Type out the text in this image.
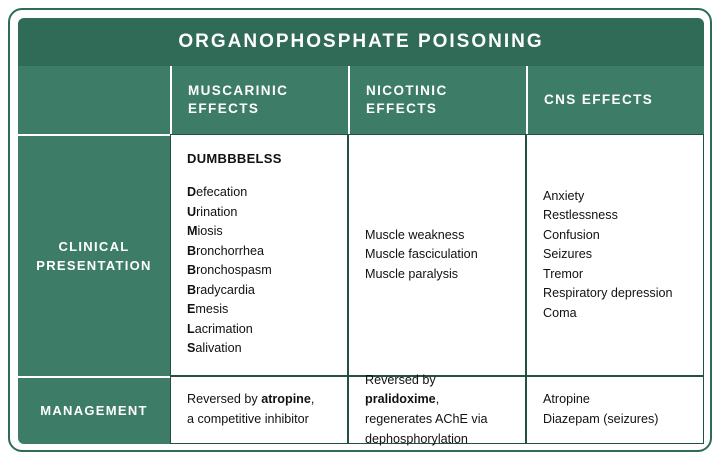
ORGANOPHOSPHATE POISONING
MUSCARINIC EFFECTS
NICOTINIC EFFECTS
CNS EFFECTS
CLINICAL PRESENTATION
DUMBBBELSS
Defecation
Urination
Miosis
Bronchorrhea
Bronchospasm
Bradycardia
Emesis
Lacrimation
Salivation
Muscle weakness
Muscle fasciculation
Muscle paralysis
Anxiety
Restlessness
Confusion
Seizures
Tremor
Respiratory depression
Coma
MANAGEMENT

Reversed by atropine,

a competitive inhibitor

Reversed by pralidoxime,

regenerates AChE via

dephosphorylation

Atropine
Diazepam (seizures)
